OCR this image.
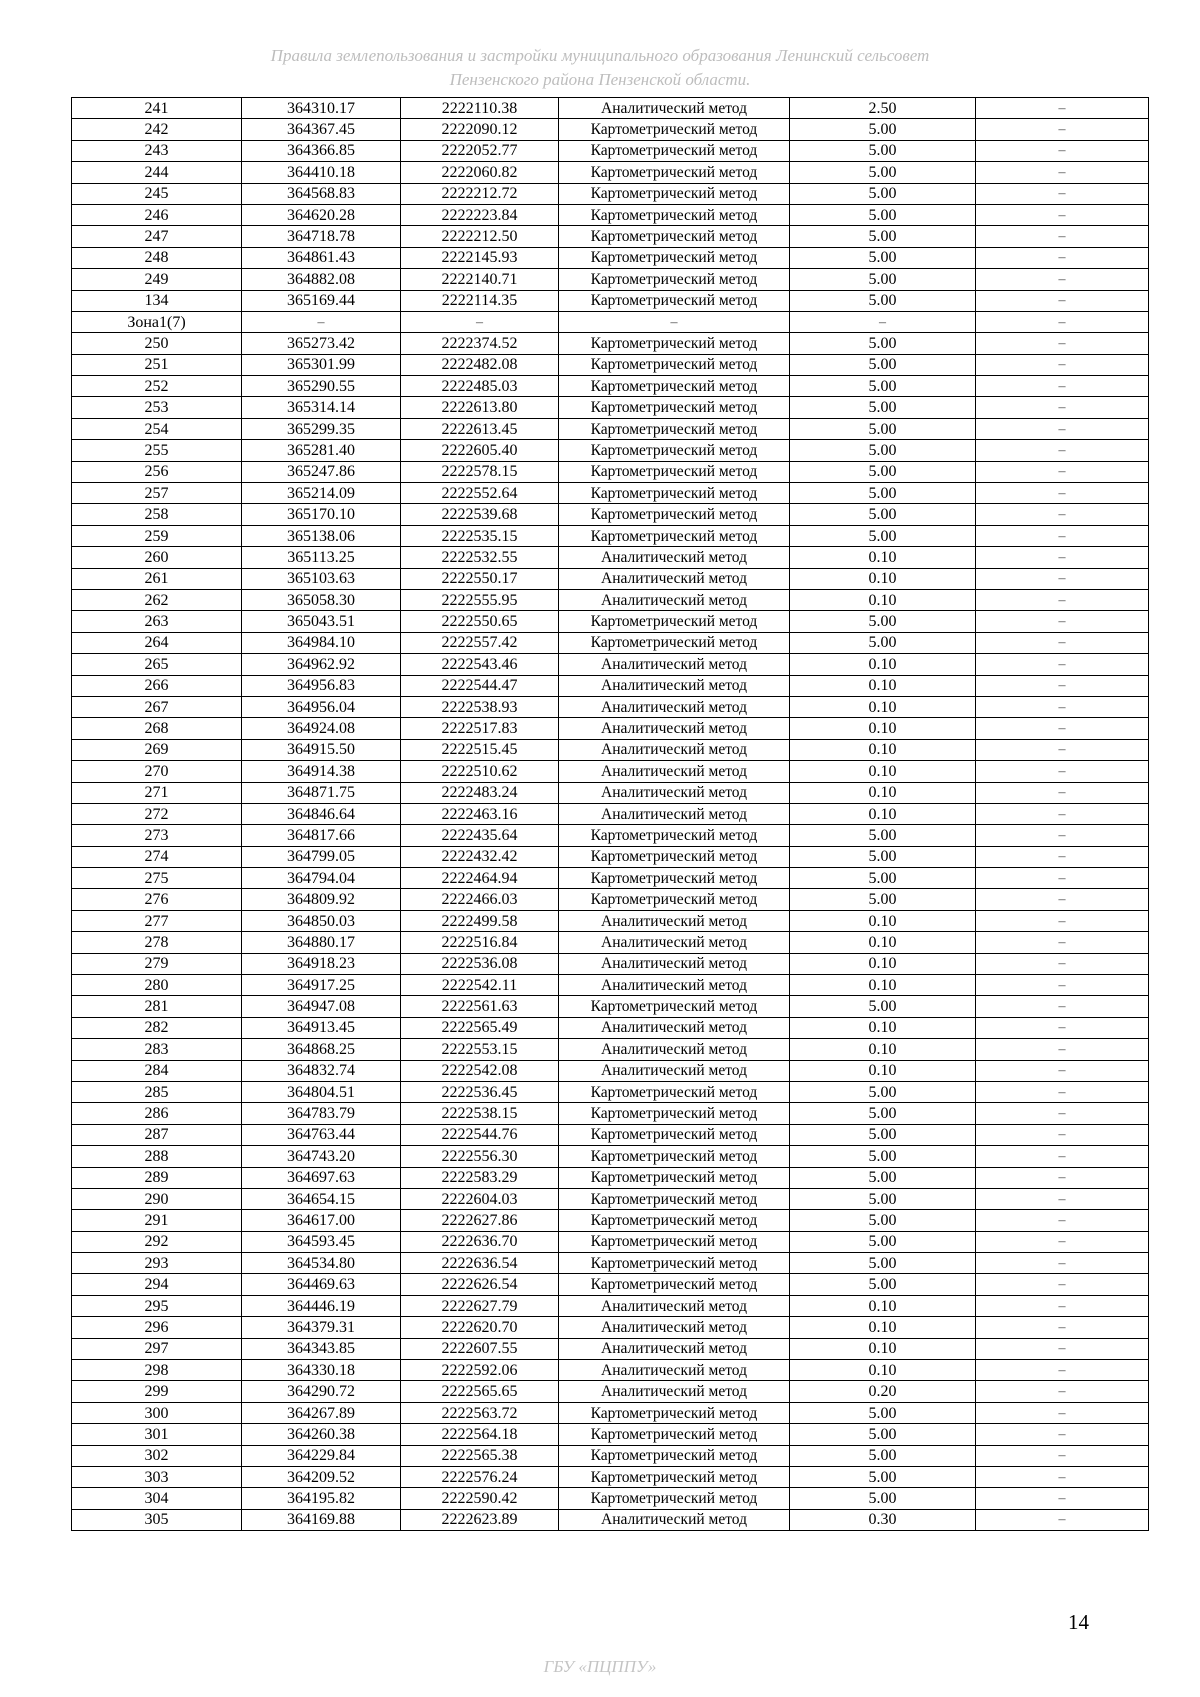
Правила землепользования и застройки муниципального образования Ленинский сельсовет
Пензенского района Пензенской области.
241	364310.17	2222110.38	Аналитический метод	2.50	–
242	364367.45	2222090.12	Картометрический метод	5.00	–
243	364366.85	2222052.77	Картометрический метод	5.00	–
244	364410.18	2222060.82	Картометрический метод	5.00	–
245	364568.83	2222212.72	Картометрический метод	5.00	–
246	364620.28	2222223.84	Картометрический метод	5.00	–
247	364718.78	2222212.50	Картометрический метод	5.00	–
248	364861.43	2222145.93	Картометрический метод	5.00	–
249	364882.08	2222140.71	Картометрический метод	5.00	–
134	365169.44	2222114.35	Картометрический метод	5.00	–
Зона1(7)	–	–	–	–	–
250	365273.42	2222374.52	Картометрический метод	5.00	–
251	365301.99	2222482.08	Картометрический метод	5.00	–
252	365290.55	2222485.03	Картометрический метод	5.00	–
253	365314.14	2222613.80	Картометрический метод	5.00	–
254	365299.35	2222613.45	Картометрический метод	5.00	–
255	365281.40	2222605.40	Картометрический метод	5.00	–
256	365247.86	2222578.15	Картометрический метод	5.00	–
257	365214.09	2222552.64	Картометрический метод	5.00	–
258	365170.10	2222539.68	Картометрический метод	5.00	–
259	365138.06	2222535.15	Картометрический метод	5.00	–
260	365113.25	2222532.55	Аналитический метод	0.10	–
261	365103.63	2222550.17	Аналитический метод	0.10	–
262	365058.30	2222555.95	Аналитический метод	0.10	–
263	365043.51	2222550.65	Картометрический метод	5.00	–
264	364984.10	2222557.42	Картометрический метод	5.00	–
265	364962.92	2222543.46	Аналитический метод	0.10	–
266	364956.83	2222544.47	Аналитический метод	0.10	–
267	364956.04	2222538.93	Аналитический метод	0.10	–
268	364924.08	2222517.83	Аналитический метод	0.10	–
269	364915.50	2222515.45	Аналитический метод	0.10	–
270	364914.38	2222510.62	Аналитический метод	0.10	–
271	364871.75	2222483.24	Аналитический метод	0.10	–
272	364846.64	2222463.16	Аналитический метод	0.10	–
273	364817.66	2222435.64	Картометрический метод	5.00	–
274	364799.05	2222432.42	Картометрический метод	5.00	–
275	364794.04	2222464.94	Картометрический метод	5.00	–
276	364809.92	2222466.03	Картометрический метод	5.00	–
277	364850.03	2222499.58	Аналитический метод	0.10	–
278	364880.17	2222516.84	Аналитический метод	0.10	–
279	364918.23	2222536.08	Аналитический метод	0.10	–
280	364917.25	2222542.11	Аналитический метод	0.10	–
281	364947.08	2222561.63	Картометрический метод	5.00	–
282	364913.45	2222565.49	Аналитический метод	0.10	–
283	364868.25	2222553.15	Аналитический метод	0.10	–
284	364832.74	2222542.08	Аналитический метод	0.10	–
285	364804.51	2222536.45	Картометрический метод	5.00	–
286	364783.79	2222538.15	Картометрический метод	5.00	–
287	364763.44	2222544.76	Картометрический метод	5.00	–
288	364743.20	2222556.30	Картометрический метод	5.00	–
289	364697.63	2222583.29	Картометрический метод	5.00	–
290	364654.15	2222604.03	Картометрический метод	5.00	–
291	364617.00	2222627.86	Картометрический метод	5.00	–
292	364593.45	2222636.70	Картометрический метод	5.00	–
293	364534.80	2222636.54	Картометрический метод	5.00	–
294	364469.63	2222626.54	Картометрический метод	5.00	–
295	364446.19	2222627.79	Аналитический метод	0.10	–
296	364379.31	2222620.70	Аналитический метод	0.10	–
297	364343.85	2222607.55	Аналитический метод	0.10	–
298	364330.18	2222592.06	Аналитический метод	0.10	–
299	364290.72	2222565.65	Аналитический метод	0.20	–
300	364267.89	2222563.72	Картометрический метод	5.00	–
301	364260.38	2222564.18	Картометрический метод	5.00	–
302	364229.84	2222565.38	Картометрический метод	5.00	–
303	364209.52	2222576.24	Картометрический метод	5.00	–
304	364195.82	2222590.42	Картометрический метод	5.00	–
305	364169.88	2222623.89	Аналитический метод	0.30	–
14
ГБУ «ПЦППУ»
